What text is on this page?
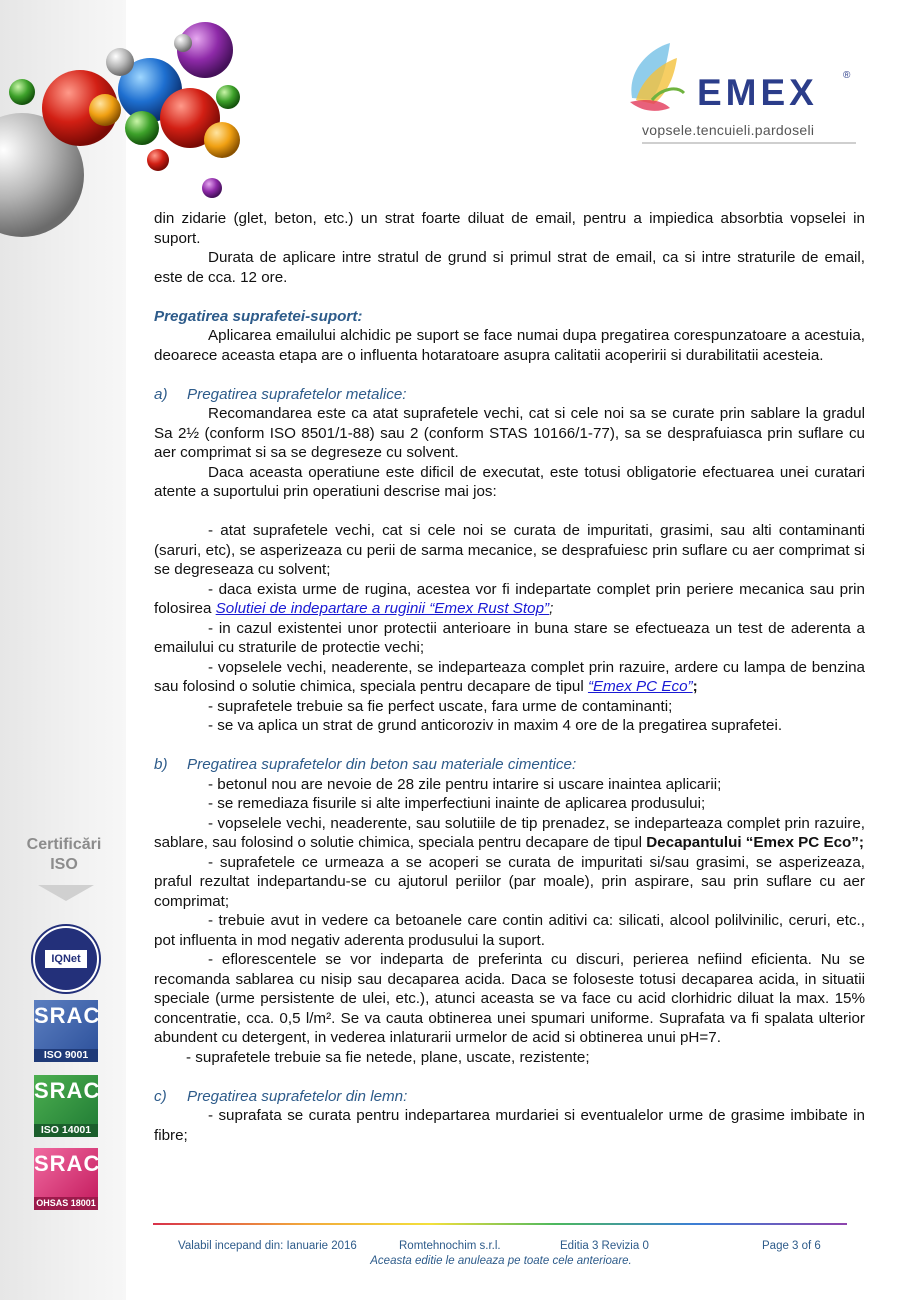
EMEX	®
vopsele.tencuieli.pardoseli

din zidarie (glet, beton, etc.) un strat foarte diluat de email, pentru a impiedica absorbtia vopselei in suport.

Durata de aplicare intre stratul de grund si primul strat de email, ca si intre straturile de email, este de cca. 12 ore.

Pregatirea suprafetei-suport:

Aplicarea emailului alchidic pe suport se face numai dupa pregatirea corespunzatoare a acestuia, deoarece aceasta etapa are o influenta hotaratoare asupra calitatii acoperirii si durabilitatii acesteia.

a) Pregatirea suprafetelor metalice:

Recomandarea este ca atat suprafetele vechi, cat si cele noi sa se curate prin sablare la gradul Sa 2½ (conform ISO 8501/1-88) sau 2 (conform STAS 10166/1-77), sa se desprafuiasca prin suflare cu aer comprimat si sa se degreseze cu solvent.

Daca aceasta operatiune este dificil de executat, este totusi obligatorie efectuarea unei curatari atente a suportului prin operatiuni descrise mai jos:

- atat suprafetele vechi, cat si cele noi se curata de impuritati, grasimi, sau alti contaminanti (saruri, etc), se asperizeaza cu perii de sarma mecanice, se desprafuiesc prin suflare cu aer comprimat si se degreseaza cu solvent;

- daca exista urme de rugina, acestea vor fi indepartate complet prin periere mecanica sau prin folosirea Solutiei de indepartare a ruginii “Emex Rust Stop”;

- in cazul existentei unor protectii anterioare in buna stare se efectueaza un test de aderenta a emailului cu straturile de protectie vechi;

- vopselele vechi, neaderente, se indeparteaza complet prin razuire, ardere cu lampa de benzina sau folosind o solutie chimica, speciala pentru decapare de tipul “Emex PC Eco”;

- suprafetele trebuie sa fie perfect uscate, fara urme de contaminanti;

- se va aplica un strat de grund anticoroziv in maxim 4 ore de la pregatirea suprafetei.

b) Pregatirea suprafetelor din beton sau materiale cimentice:

- betonul nou are nevoie de 28 zile pentru intarire si uscare inaintea aplicarii;

- se remediaza fisurile si alte imperfectiuni inainte de aplicarea produsului;

- vopselele vechi, neaderente, sau solutiile de tip prenadez, se indeparteaza complet prin razuire, sablare, sau folosind o solutie chimica, speciala pentru decapare de tipul Decapantului “Emex PC Eco”;

- suprafetele ce urmeaza a se acoperi se curata de impuritati si/sau grasimi, se asperizeaza, praful rezultat indepartandu-se cu ajutorul periilor (par moale), prin aspirare, sau prin suflare cu aer comprimat;

- trebuie avut in vedere ca betoanele care contin aditivi ca: silicati, alcool polilvinilic, ceruri, etc., pot influenta in mod negativ aderenta produsului la suport.

- eflorescentele se vor indeparta de preferinta cu discuri, perierea nefiind eficienta. Nu se recomanda sablarea cu nisip sau decaparea acida. Daca se foloseste totusi decaparea acida, in situatii speciale (urme persistente de ulei, etc.), atunci aceasta se va face cu acid clorhidric diluat la max. 15% concentratie, cca. 0,5 l/m². Se va cauta obtinerea unei spumari uniforme. Suprafata va fi spalata ulterior abundent cu detergent, in vederea inlaturarii urmelor de acid si obtinerea unui pH=7.

- suprafetele trebuie sa fie netede, plane, uscate, rezistente;

c) Pregatirea suprafetelor din lemn:

- suprafata se curata pentru indepartarea murdariei si eventualelor urme de grasime imbibate in fibre;

Certificări
ISO
IQNet
SRAC
ISO 9001
SRAC
ISO 14001
SRAC
OHSAS 18001
Valabil incepand din: Ianuarie 2016	Romtehnochim s.r.l.	Editia 3 Revizia 0	Page 3 of 6
Aceasta editie le anuleaza pe toate cele anterioare.
